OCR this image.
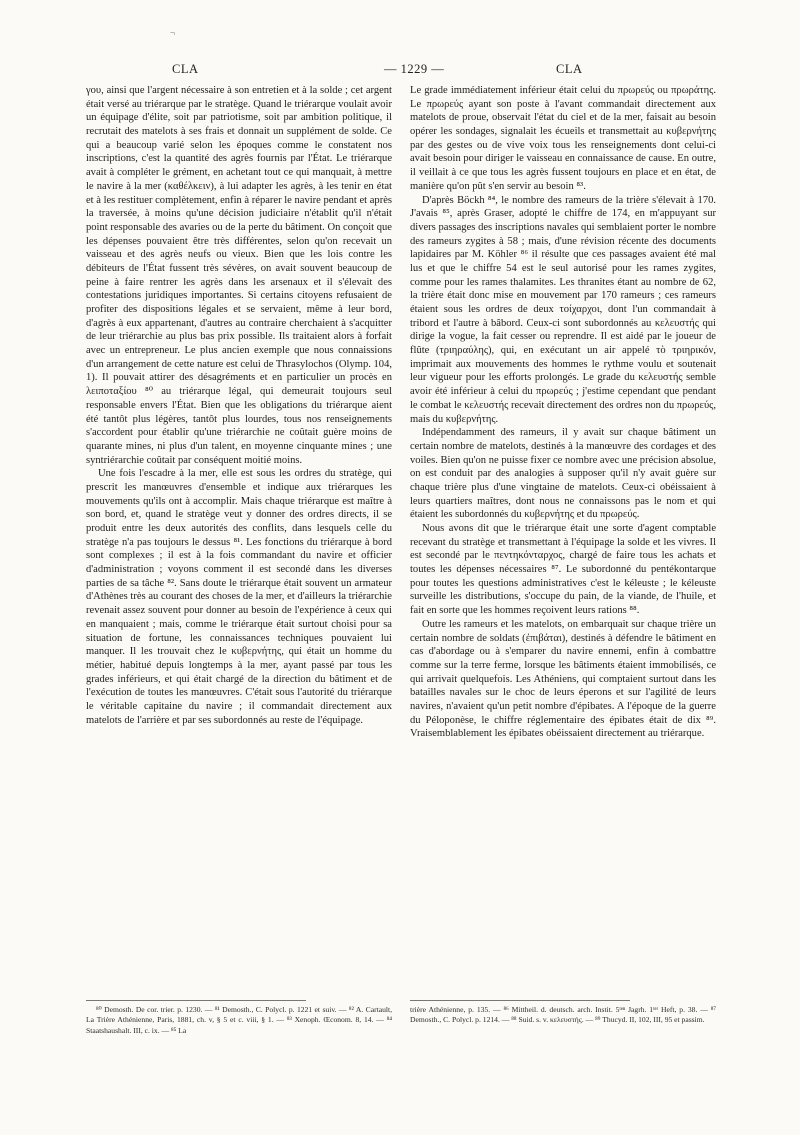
¬
CLA	— 1229 —	CLA

γου, ainsi que l'argent nécessaire à son entretien et à la solde ; cet argent était versé au triérarque par le stratège. Quand le triérarque voulait avoir un équipage d'élite, soit par patriotisme, soit par ambition politique, il recrutait des matelots à ses frais et donnait un supplément de solde. Ce qui a beaucoup varié selon les époques comme le constatent nos inscriptions, c'est la quantité des agrès fournis par l'État. Le triérarque avait à compléter le grément, en achetant tout ce qui manquait, à mettre le navire à la mer (καθέλκειν), à lui adapter les agrès, à les tenir en état et à les restituer complètement, enfin à réparer le navire pendant et après la traversée, à moins qu'une décision judiciaire n'établit qu'il n'était point responsable des avaries ou de la perte du bâtiment. On conçoit que les dépenses pouvaient être très différentes, selon qu'on recevait un vaisseau et des agrès neufs ou vieux. Bien que les lois contre les débiteurs de l'État fussent très sévères, on avait souvent beaucoup de peine à faire rentrer les agrès dans les arsenaux et il s'élevait des contestations juridiques importantes. Si certains citoyens refusaient de profiter des dispositions légales et se servaient, même à leur bord, d'agrès à eux appartenant, d'autres au contraire cherchaient à s'acquitter de leur triérarchie au plus bas prix possible. Ils traitaient alors à forfait avec un entrepreneur. Le plus ancien exemple que nous connaissions d'un arrangement de cette nature est celui de Thrasylochos (Olymp. 104, 1). Il pouvait attirer des désagréments et en particulier un procès en λειποταξίου ⁸⁰ au triérarque légal, qui demeurait toujours seul responsable envers l'État. Bien que les obligations du triérarque aient été tantôt plus légères, tantôt plus lourdes, tous nos renseignements s'accordent pour établir qu'une triérarchie ne coûtait guère moins de quarante mines, ni plus d'un talent, en moyenne cinquante mines ; une syntriérarchie coûtait par conséquent moitié moins.

Une fois l'escadre à la mer, elle est sous les ordres du stratège, qui prescrit les manœuvres d'ensemble et indique aux triérarques les mouvements qu'ils ont à accomplir. Mais chaque triérarque est maître à son bord, et, quand le stratège veut y donner des ordres directs, il se produit entre les deux autorités des conflits, dans lesquels celle du stratège n'a pas toujours le dessus ⁸¹. Les fonctions du triérarque à bord sont complexes ; il est à la fois commandant du navire et officier d'administration ; voyons comment il est secondé dans les diverses parties de sa tâche ⁸². Sans doute le triérarque était souvent un armateur d'Athènes très au courant des choses de la mer, et d'ailleurs la triérarchie revenait assez souvent pour donner au besoin de l'expérience à ceux qui en manquaient ; mais, comme le triérarque était surtout choisi pour sa situation de fortune, les connaissances techniques pouvaient lui manquer. Il les trouvait chez le κυβερνήτης, qui était un homme du métier, habitué depuis longtemps à la mer, ayant passé par tous les grades inférieurs, et qui était chargé de la direction du bâtiment et de l'exécution de toutes les manœuvres. C'était sous l'autorité du triérarque le véritable capitaine du navire ; il commandait directement aux matelots de l'arrière et par ses subordonnés au reste de l'équipage.

Le grade immédiatement inférieur était celui du πρωρεύς ou πρωράτης. Le πρωρεύς ayant son poste à l'avant commandait directement aux matelots de proue, observait l'état du ciel et de la mer, faisait au besoin opérer les sondages, signalait les écueils et transmettait au κυβερνήτης par des gestes ou de vive voix tous les renseignements dont celui-ci avait besoin pour diriger le vaisseau en connaissance de cause. En outre, il veillait à ce que tous les agrès fussent toujours en place et en état, de manière qu'on pût s'en servir au besoin ⁸³.

D'après Böckh ⁸⁴, le nombre des rameurs de la trière s'élevait à 170. J'avais ⁸⁵, après Graser, adopté le chiffre de 174, en m'appuyant sur divers passages des inscriptions navales qui semblaient porter le nombre des rameurs zygites à 58 ; mais, d'une révision récente des documents lapidaires par M. Köhler ⁸⁶ il résulte que ces passages avaient été mal lus et que le chiffre 54 est le seul autorisé pour les rames zygites, comme pour les rames thalamites. Les thranites étant au nombre de 62, la trière était donc mise en mouvement par 170 rameurs ; ces rameurs étaient sous les ordres de deux τοίχαρχοι, dont l'un commandait à tribord et l'autre à bâbord. Ceux-ci sont subordonnés au κελευστής qui dirige la vogue, la fait cesser ou reprendre. Il est aidé par le joueur de flûte (τριηραύλης), qui, en exécutant un air appelé τὸ τριηρικόν, imprimait aux mouvements des hommes le rythme voulu et soutenait leur vigueur pour les efforts prolongés. Le grade du κελευστής semble avoir été inférieur à celui du πρωρεύς ; j'estime cependant que pendant le combat le κελευστής recevait directement des ordres non du πρωρεύς, mais du κυβερνήτης.

Indépendamment des rameurs, il y avait sur chaque bâtiment un certain nombre de matelots, destinés à la manœuvre des cordages et des voiles. Bien qu'on ne puisse fixer ce nombre avec une précision absolue, on est conduit par des analogies à supposer qu'il n'y avait guère sur chaque trière plus d'une vingtaine de matelots. Ceux-ci obéissaient à leurs quartiers maîtres, dont nous ne connaissons pas le nom et qui étaient les subordonnés du κυβερνήτης et du πρωρεύς.

Nous avons dit que le triérarque était une sorte d'agent comptable recevant du stratège et transmettant à l'équipage la solde et les vivres. Il est secondé par le πεντηκόνταρχος, chargé de faire tous les achats et toutes les dépenses nécessaires ⁸⁷. Le subordonné du pentékontarque pour toutes les questions administratives c'est le kéleuste ; le kéleuste surveille les distributions, s'occupe du pain, de la viande, de l'huile, et fait en sorte que les hommes reçoivent leurs rations ⁸⁸.

Outre les rameurs et les matelots, on embarquait sur chaque trière un certain nombre de soldats (ἐπιβάται), destinés à défendre le bâtiment en cas d'abordage ou à s'emparer du navire ennemi, enfin à combattre comme sur la terre ferme, lorsque les bâtiments étaient immobilisés, ce qui arrivait quelquefois. Les Athéniens, qui comptaient surtout dans les batailles navales sur le choc de leurs éperons et sur l'agilité de leurs navires, n'avaient qu'un petit nombre d'épibates. A l'époque de la guerre du Péloponèse, le chiffre réglementaire des épibates était de dix ⁸⁹. Vraisemblablement les épibates obéissaient directement au triérarque.

⁸⁰ Demosth. De cor. trier. p. 1230. — ⁸¹ Demosth., C. Polycl. p. 1221 et suiv. — ⁸² A. Cartault, La Trière Athénienne, Paris, 1881, ch. v, § 5 et c. viii, § 1. — ⁸³ Xenoph. Œconom. 8, 14. — ⁸⁴ Staatshaushalt. III, c. ix. — ⁸⁵ La

trière Athénienne, p. 135. — ⁸⁶ Mittheil. d. deutsch. arch. Instit. 5ᵗᵉⁿ Jagrh. 1ᵗᵉʳ Heft, p. 38. — ⁸⁷ Demosth., C. Polycl. p. 1214. — ⁸⁸ Suid. s. v. κελευστής. — ⁸⁹ Thucyd. II, 102, III, 95 et passim.
